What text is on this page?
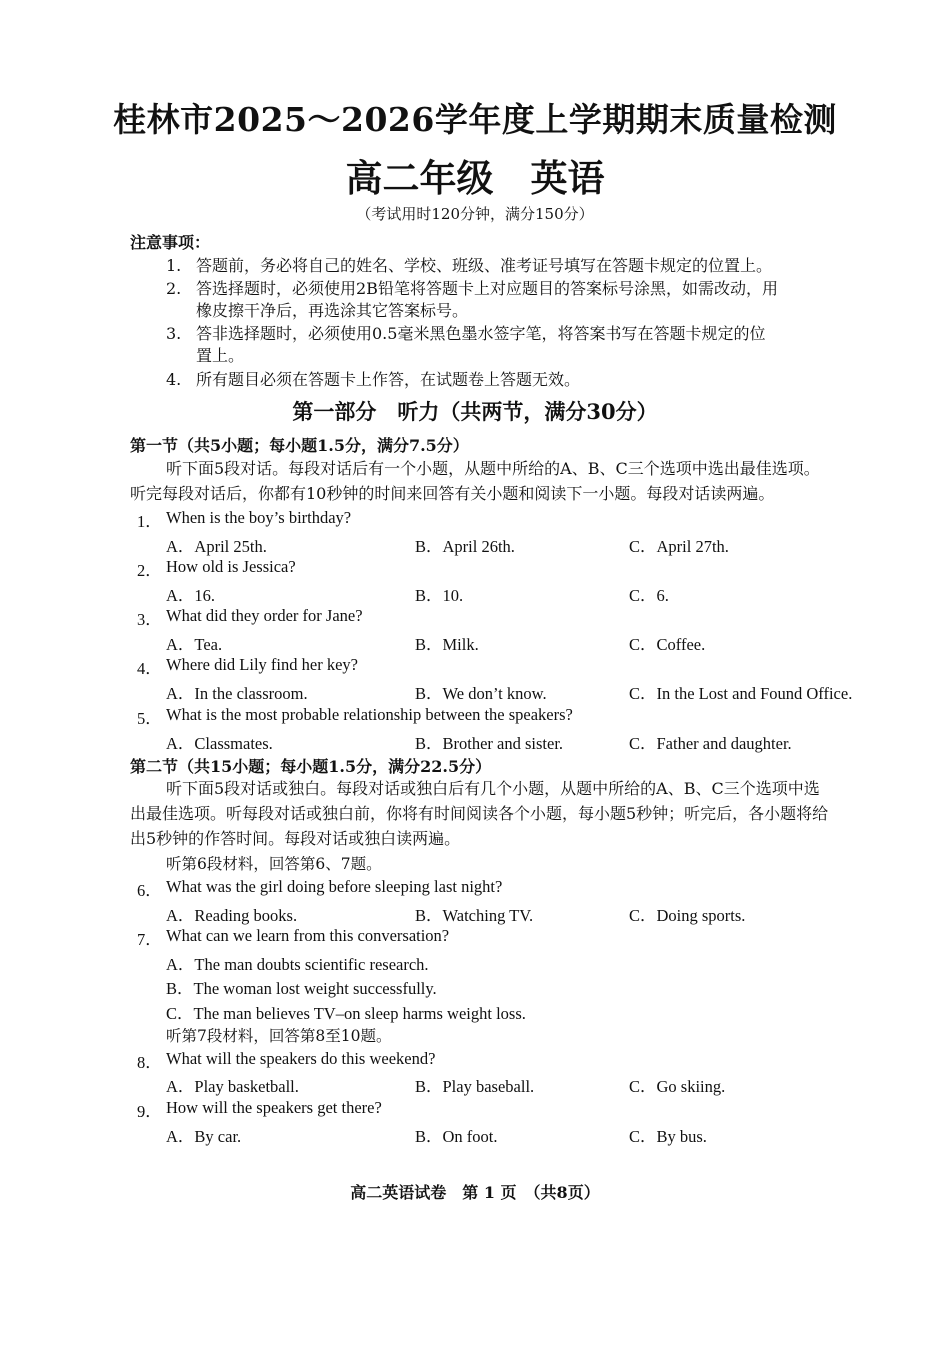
桂林市2025～2026学年度上学期期末质量检测
高二年级　英语
（考试用时120分钟，满分150分）
注意事项：
1. 答题前，务必将自己的姓名、学校、班级、准考证号填写在答题卡规定的位置上。
2. 答选择题时，必须使用2B铅笔将答题卡上对应题目的答案标号涂黑，如需改动，用
橡皮擦干净后，再选涂其它答案标号。
3. 答非选择题时，必须使用0.5毫米黑色墨水签字笔，将答案书写在答题卡规定的位
置上。
4. 所有题目必须在答题卡上作答，在试题卷上答题无效。
第一部分　听力（共两节，满分30分）
第一节（共5小题；每小题1.5分，满分7.5分）
听下面5段对话。每段对话后有一个小题，从题中所给的A、B、C三个选项中选出最佳选项。
听完每段对话后，你都有10秒钟的时间来回答有关小题和阅读下一小题。每段对话读两遍。
1． When is the boy’s birthday?
A．April 25th.	B．April 26th.	C．April 27th.
2． How old is Jessica?
A．16.	B．10.	C．6.
3． What did they order for Jane?
A．Tea.	B．Milk.	C．Coffee.
4． Where did Lily find her key?
A．In the classroom.	B．We don’t know.	C．In the Lost and Found Office.
5． What is the most probable relationship between the speakers?
A．Classmates.	B．Brother and sister.	C．Father and daughter.
第二节（共15小题；每小题1.5分，满分22.5分）
听下面5段对话或独白。每段对话或独白后有几个小题，从题中所给的A、B、C三个选项中选
出最佳选项。听每段对话或独白前，你将有时间阅读各个小题，每小题5秒钟；听完后，各小题将给
出5秒钟的作答时间。每段对话或独白读两遍。
听第6段材料，回答第6、7题。
6． What was the girl doing before sleeping last night?
A．Reading books.	B．Watching TV.	C．Doing sports.
7． What can we learn from this conversation?
A．The man doubts scientific research.
B．The woman lost weight successfully.
C．The man believes TV–on sleep harms weight loss.
听第7段材料，回答第8至10题。
8． What will the speakers do this weekend?
A．Play basketball.	B．Play baseball.	C．Go skiing.
9． How will the speakers get there?
A．By car.	B．On foot.	C．By bus.
高二英语试卷　第 1 页　（共8页）
